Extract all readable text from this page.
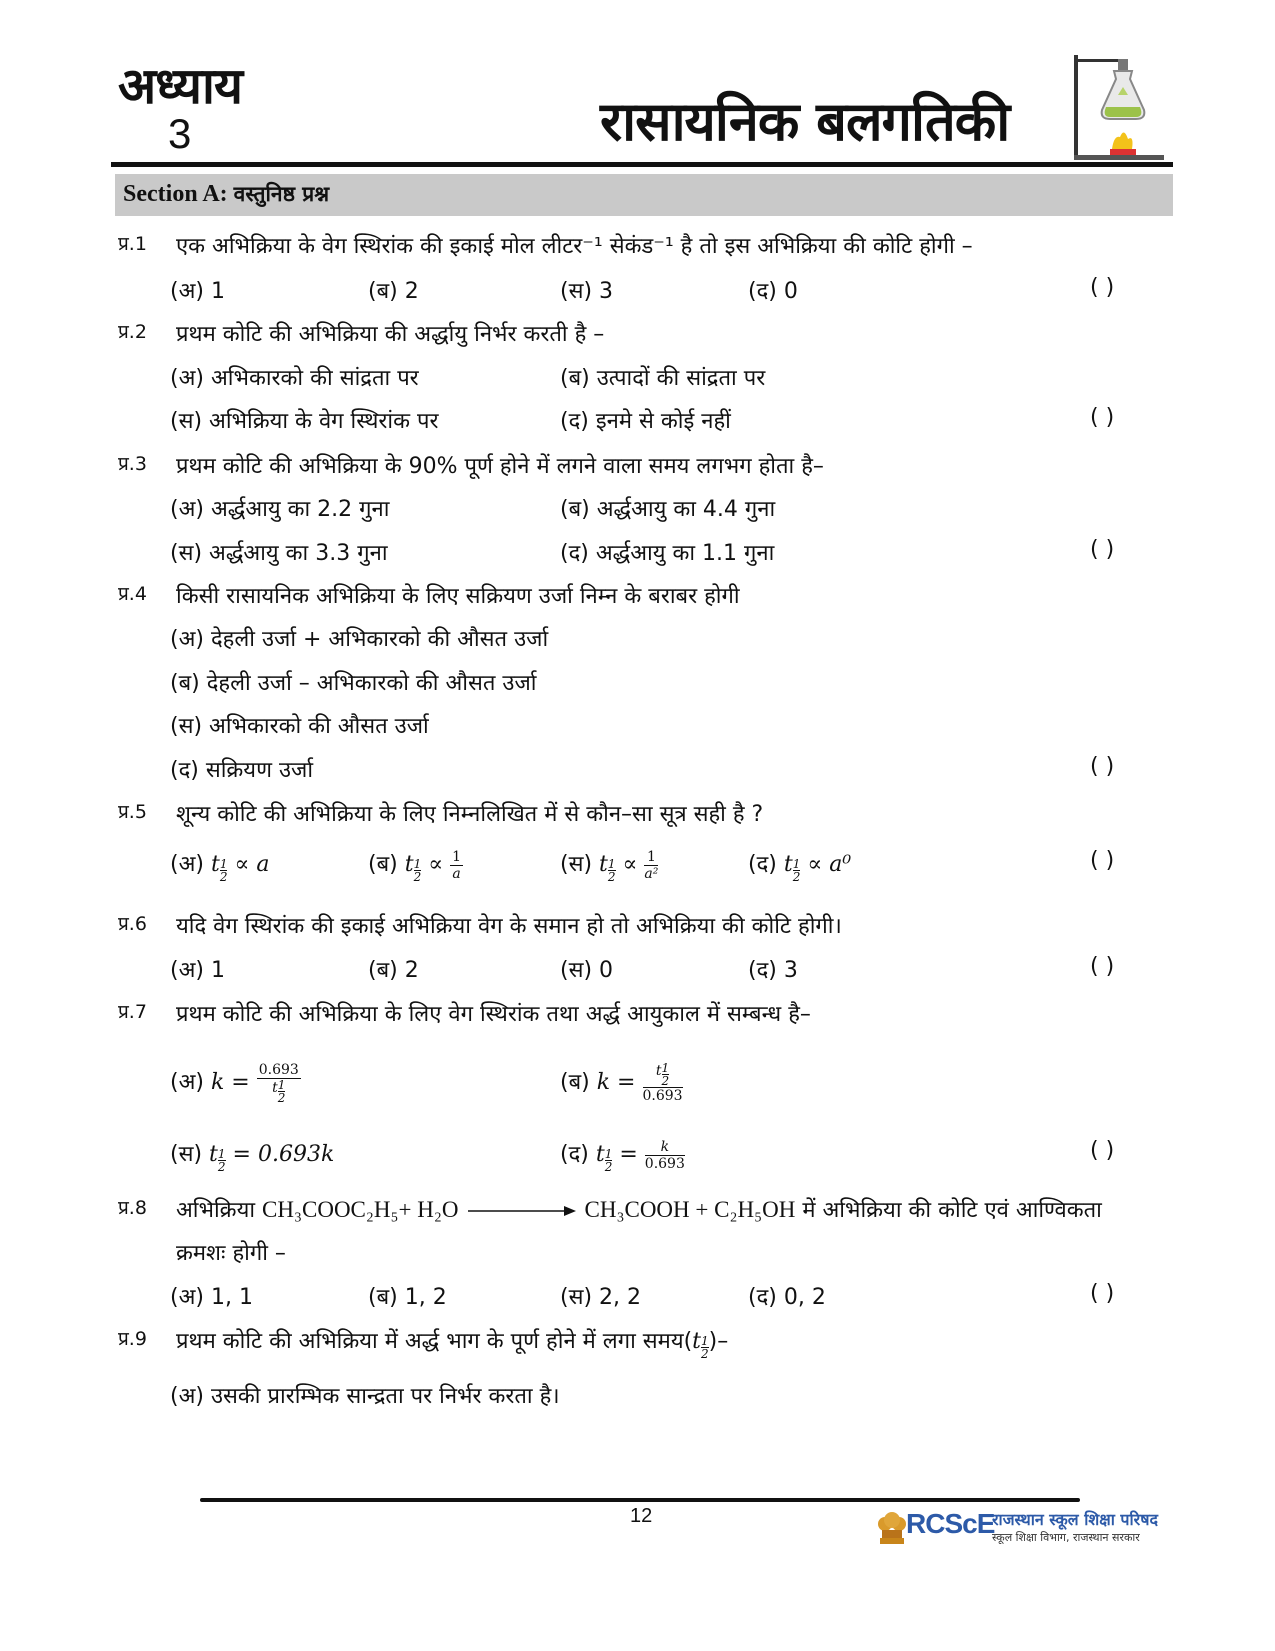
अध्याय
3	रासायनिक बलगतिकी
Section A: वस्तुनिष्ठ प्रश्न
प्र.1 एक अभिक्रिया के वेग स्थिरांक की इकाई मोल लीटर⁻¹ सेकंड⁻¹ है तो इस अभिक्रिया की कोटि होगी –
(अ) 1	(ब) 2	(स) 3	(द) 0	( )
प्र.2 प्रथम कोटि की अभिक्रिया की अर्द्धायु निर्भर करती है –
(अ) अभिकारको की सांद्रता पर	(ब) उत्पादों की सांद्रता पर
(स) अभिक्रिया के वेग स्थिरांक पर	(द) इनमे से कोई नहीं	( )
प्र.3 प्रथम कोटि की अभिक्रिया के 90% पूर्ण होने में लगने वाला समय लगभग होता है–
(अ) अर्द्धआयु का 2.2 गुना	(ब) अर्द्धआयु का 4.4 गुना
(स) अर्द्धआयु का 3.3 गुना	(द) अर्द्धआयु का 1.1 गुना	( )
प्र.4 किसी रासायनिक अभिक्रिया के लिए सक्रियण उर्जा निम्न के बराबर होगी
(अ) देहली उर्जा + अभिकारको की औसत उर्जा
(ब) देहली उर्जा – अभिकारको की औसत उर्जा
(स) अभिकारको की औसत उर्जा
(द) सक्रियण उर्जा	( )
प्र.5 शून्य कोटि की अभिक्रिया के लिए निम्नलिखित में से कौन–सा सूत्र सही है ?
(अ) t $\frac{1}{2} \propto a$	(ब) t $\frac{1}{2} \propto \frac{1}{a}$	(स) t $\frac{1}{2} \propto \frac{1}{\text{a²}}$	(द) t $\frac{1}{2} \propto a^0$	( )
प्र.6 यदि वेग स्थिरांक की इकाई अभिक्रिया वेग के समान हो तो अभिक्रिया की कोटि होगी।
(अ) 1	(ब) 2	(स) 0	(द) 3	( )
प्र.7 प्रथम कोटि की अभिक्रिया के लिए वेग स्थिरांक तथा अर्द्ध आयुकाल में सम्बन्ध है–
(अ) $k = \frac{0.693}{t \frac{1}{2}}$	(ब) $k = \frac{t \frac{1}{2}}{0.693}$
(स) t $\frac{1}{2} = 0.693k$	(द) t $\frac{1}{2} = \frac{k}{0.693}$	( )
प्र.8 अभिक्रिया CH₃COOC₂H₅+ H₂O	CH₃COOH + C₂H₅OH में अभिक्रिया की कोटि एवं आण्विकता
क्रमशः होगी –
(अ) 1, 1	(ब) 1, 2	(स) 2, 2	(द) 0, 2	( )
प्र.9 प्रथम कोटि की अभिक्रिया में अर्द्ध भाग के पूर्ण होने में लगा समय(t $\frac{1}{2}$ )–
(अ) उसकी प्रारम्भिक सान्द्रता पर निर्भर करता है।
12	RCScE
राजस्थान स्कूल शिक्षा परिषद
स्कूल शिक्षा विभाग, राजस्थान सरकार
